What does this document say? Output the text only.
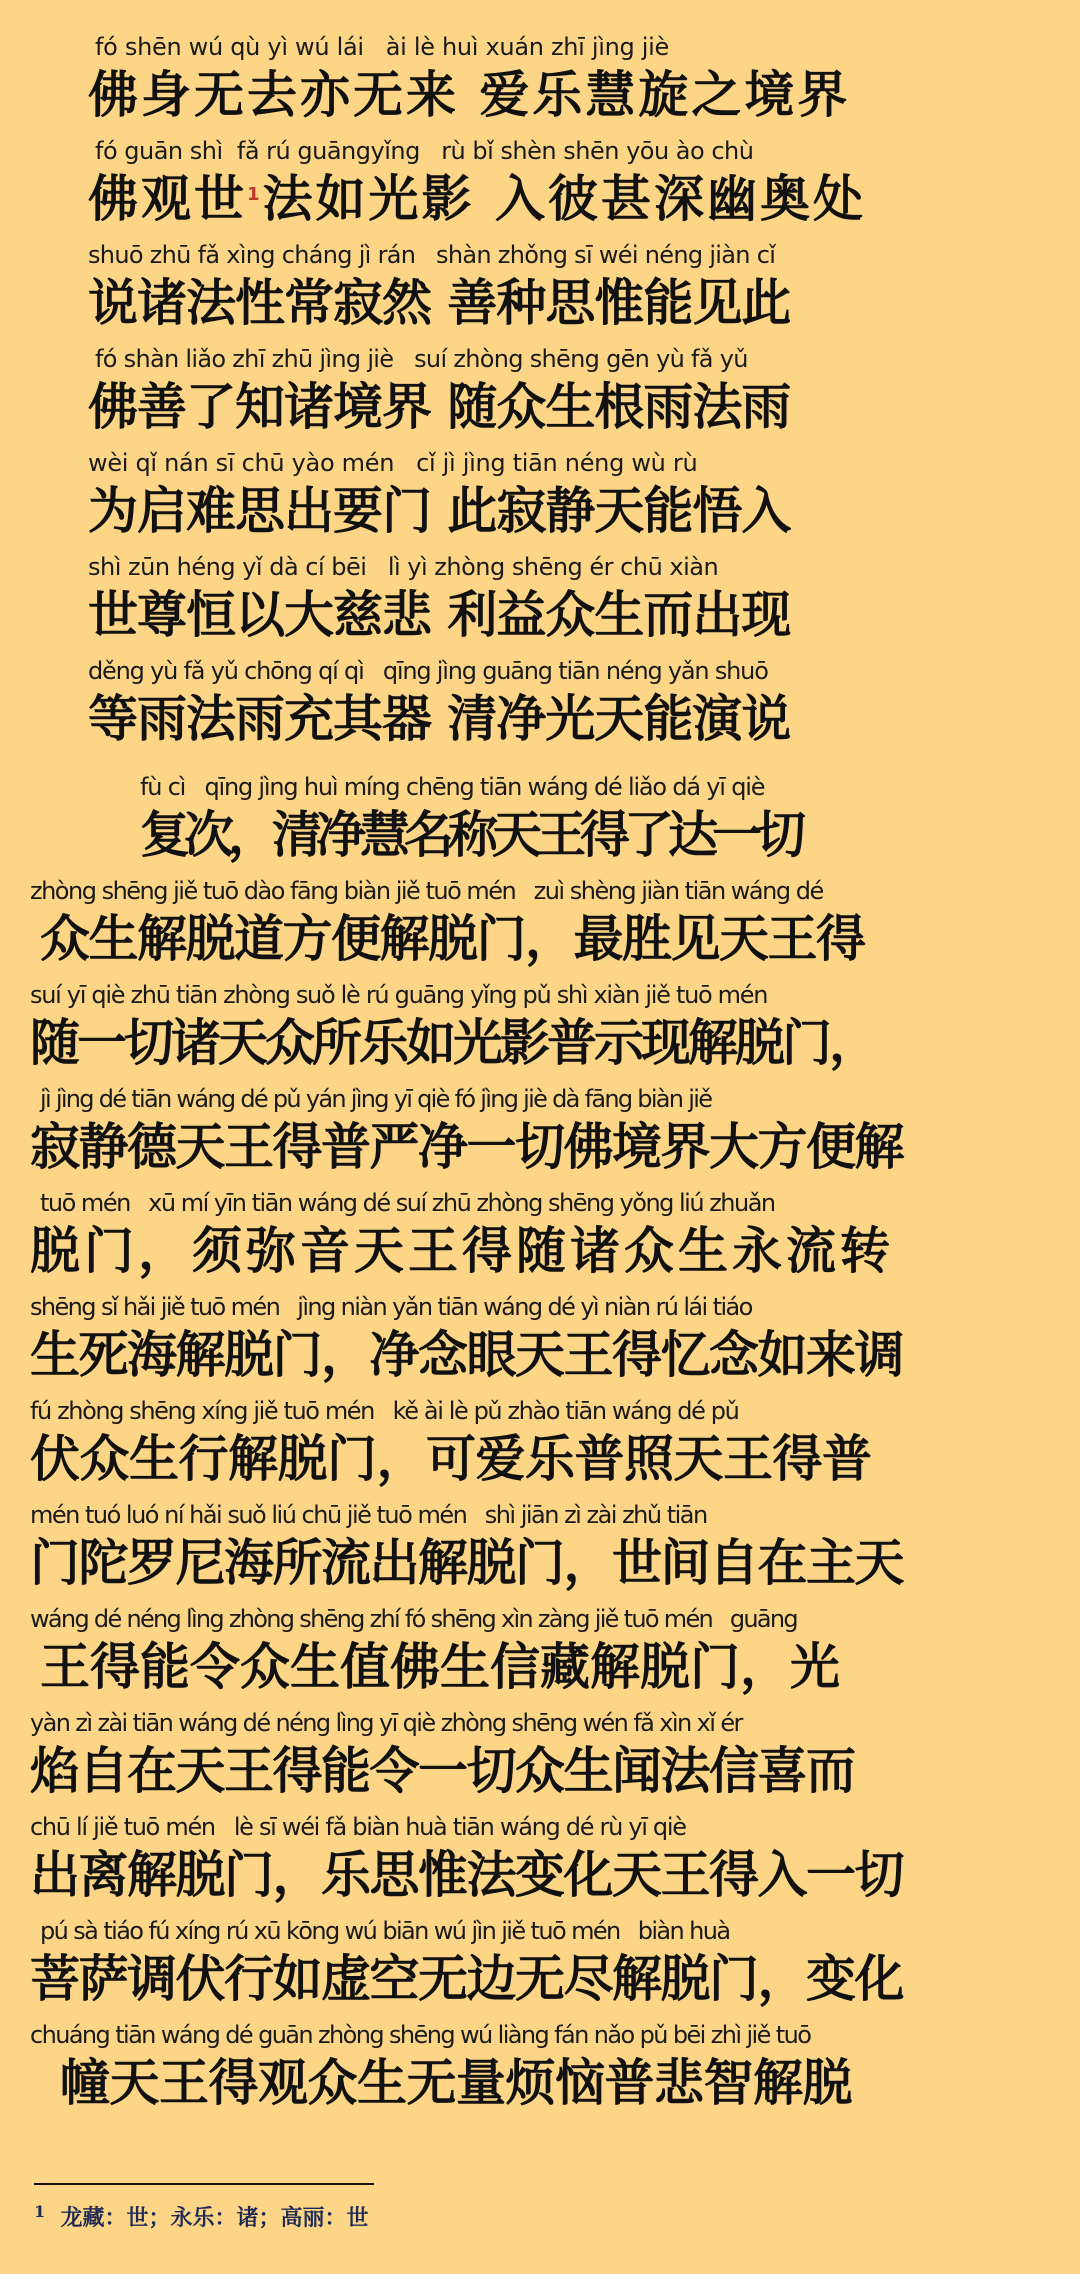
fó shēn wú qù yì wú lái   ài lè huì xuán zhī jìng jiè
佛身无去亦无来 爱乐慧旋之境界
fó guān shì  fǎ rú guāngyǐng   rù bǐ shèn shēn yōu ào chù
佛观世$^1$法如光影 入彼甚深幽奥处
shuō zhū fǎ xìng cháng jì rán   shàn zhǒng sī wéi néng jiàn cǐ
说诸法性常寂然 善种思惟能见此
fó shàn liǎo zhī zhū jìng jiè   suí zhòng shēng gēn yù fǎ yǔ
佛善了知诸境界 随众生根雨法雨
wèi qǐ nán sī chū yào mén   cǐ jì jìng tiān néng wù rù
为启难思出要门 此寂静天能悟入
shì zūn héng yǐ dà cí bēi   lì yì zhòng shēng ér chū xiàn
世尊恒以大慈悲 利益众生而出现
děng yù fǎ yǔ chōng qí qì   qīng jìng guāng tiān néng yǎn shuō
等雨法雨充其器 清净光天能演说
fù cì   qīng jìng huì míng chēng tiān wáng dé liǎo dá yī qiè
复次，清净慧名称天王得了达一切
zhòng shēng jiě tuō dào fāng biàn jiě tuō mén   zuì shèng jiàn tiān wáng dé
众生解脱道方便解脱门，最胜见天王得
suí yī qiè zhū tiān zhòng suǒ lè rú guāng yǐng pǔ shì xiàn jiě tuō mén
随一切诸天众所乐如光影普示现解脱门，
jì jìng dé tiān wáng dé pǔ yán jìng yī qiè fó jìng jiè dà fāng biàn jiě
寂静德天王得普严净一切佛境界大方便解
tuō mén   xū mí yīn tiān wáng dé suí zhū zhòng shēng yǒng liú zhuǎn
脱门，须弥音天王得随诸众生永流转
shēng sǐ hǎi jiě tuō mén   jìng niàn yǎn tiān wáng dé yì niàn rú lái tiáo
生死海解脱门，净念眼天王得忆念如来调
fú zhòng shēng xíng jiě tuō mén   kě ài lè pǔ zhào tiān wáng dé pǔ
伏众生行解脱门，可爱乐普照天王得普
mén tuó luó ní hǎi suǒ liú chū jiě tuō mén   shì jiān zì zài zhǔ tiān
门陀罗尼海所流出解脱门，世间自在主天
wáng dé néng lìng zhòng shēng zhí fó shēng xìn zàng jiě tuō mén   guāng
王得能令众生值佛生信藏解脱门，光
yàn zì zài tiān wáng dé néng lìng yī qiè zhòng shēng wén fǎ xìn xǐ ér
焰自在天王得能令一切众生闻法信喜而
chū lí jiě tuō mén   lè sī wéi fǎ biàn huà tiān wáng dé rù yī qiè
出离解脱门，乐思惟法变化天王得入一切
pú sà tiáo fú xíng rú xū kōng wú biān wú jìn jiě tuō mén   biàn huà
菩萨调伏行如虚空无边无尽解脱门，变化
chuáng tiān wáng dé guān zhòng shēng wú liàng fán nǎo pǔ bēi zhì jiě tuō
幢天王得观众生无量烦恼普悲智解脱
$^1$ 龙藏：世；永乐：诸；高丽：世
